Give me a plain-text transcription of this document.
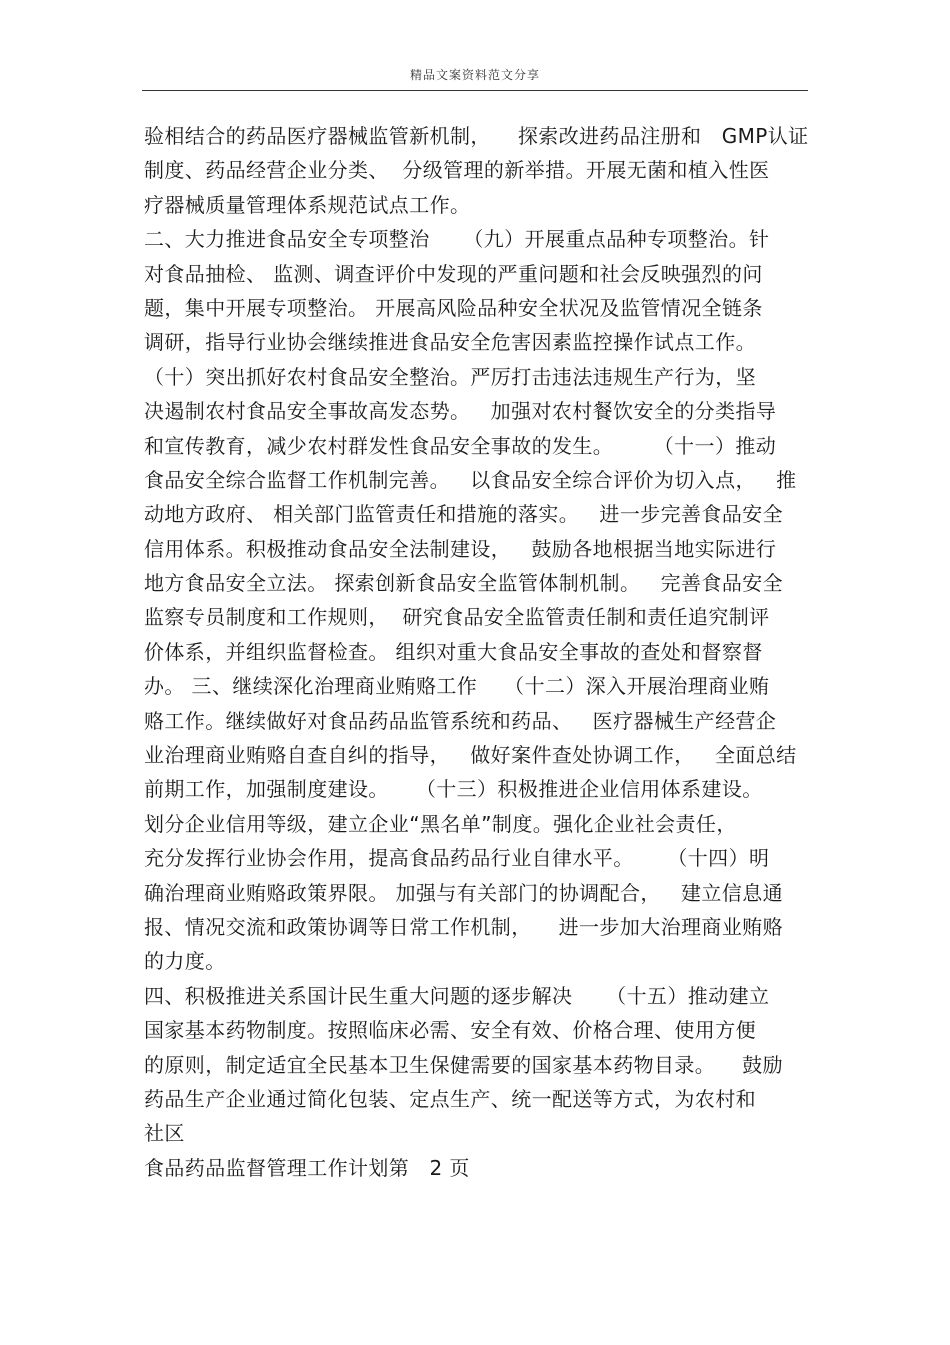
精品文案资料范文分享
验相结合的药品医疗器械监管新机制，    探索改进药品注册和   GMP认证
制度、药品经营企业分类、  分级管理的新举措。开展无菌和植入性医
疗器械质量管理体系规范试点工作。
二、大力推进食品安全专项整治     （九）开展重点品种专项整治。针
对食品抽检、 监测、调查评价中发现的严重问题和社会反映强烈的问
题，集中开展专项整治。 开展高风险品种安全状况及监管情况全链条
调研，指导行业协会继续推进食品安全危害因素监控操作试点工作。
（十）突出抓好农村食品安全整治。严厉打击违法违规生产行为，坚
决遏制农村食品安全事故高发态势。   加强对农村餐饮安全的分类指导
和宣传教育，减少农村群发性食品安全事故的发生。      （十一）推动
食品安全综合监督工作机制完善。   以食品安全综合评价为切入点，   推
动地方政府、 相关部门监管责任和措施的落实。   进一步完善食品安全
信用体系。积极推动食品安全法制建设，   鼓励各地根据当地实际进行
地方食品安全立法。 探索创新食品安全监管体制机制。   完善食品安全
监察专员制度和工作规则，  研究食品安全监管责任制和责任追究制评
价体系，并组织监督检查。 组织对重大食品安全事故的查处和督察督
办。 三、继续深化治理商业贿赂工作    （十二）深入开展治理商业贿
赂工作。继续做好对食品药品监管系统和药品、   医疗器械生产经营企
业治理商业贿赂自查自纠的指导，   做好案件查处协调工作，   全面总结
前期工作，加强制度建设。    （十三）积极推进企业信用体系建设。
划分企业信用等级，建立企业“黑名单”制度。强化企业社会责任，
充分发挥行业协会作用，提高食品药品行业自律水平。     （十四）明
确治理商业贿赂政策界限。 加强与有关部门的协调配合，   建立信息通
报、情况交流和政策协调等日常工作机制，    进一步加大治理商业贿赂
的力度。
四、积极推进关系国计民生重大问题的逐步解决     （十五）推动建立
国家基本药物制度。按照临床必需、安全有效、价格合理、使用方便
的原则，制定适宜全民基本卫生保健需要的国家基本药物目录。    鼓励
药品生产企业通过简化包装、定点生产、统一配送等方式，为农村和
社区
食品药品监督管理工作计划第   2 页
